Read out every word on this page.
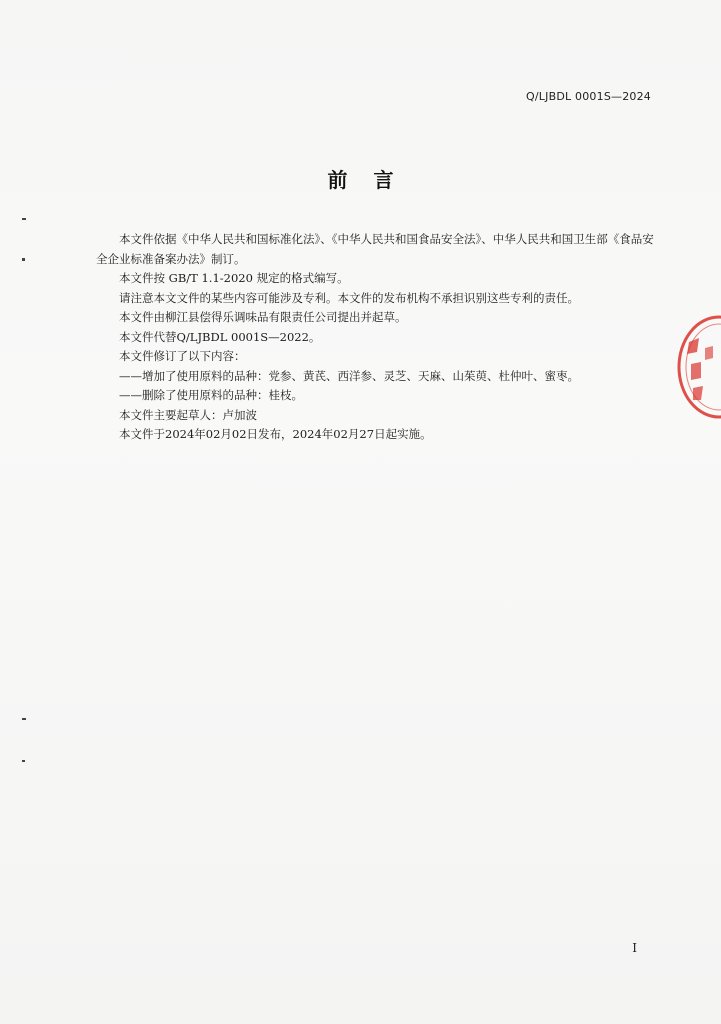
Q/LJBDL 0001S—2024
前言

本文件依据《中华人民共和国标准化法》、《中华人民共和国食品安全法》、中华人民共和国卫生部《食品安全企业标准备案办法》制订。

本文件按 GB/T 1.1-2020 规定的格式编写。

请注意本文文件的某些内容可能涉及专利。本文件的发布机构不承担识别这些专利的责任。

本文件由柳江县偿得乐调味品有限责任公司提出并起草。

本文件代替Q/LJBDL 0001S—2022。

本文件修订了以下内容：

——增加了使用原料的品种：党参、黄芪、西洋参、灵芝、天麻、山茱萸、杜仲叶、蜜枣。

——删除了使用原料的品种：桂枝。

本文件主要起草人：卢加波

本文件于2024年02月02日发布，2024年02月27日起实施。

I
